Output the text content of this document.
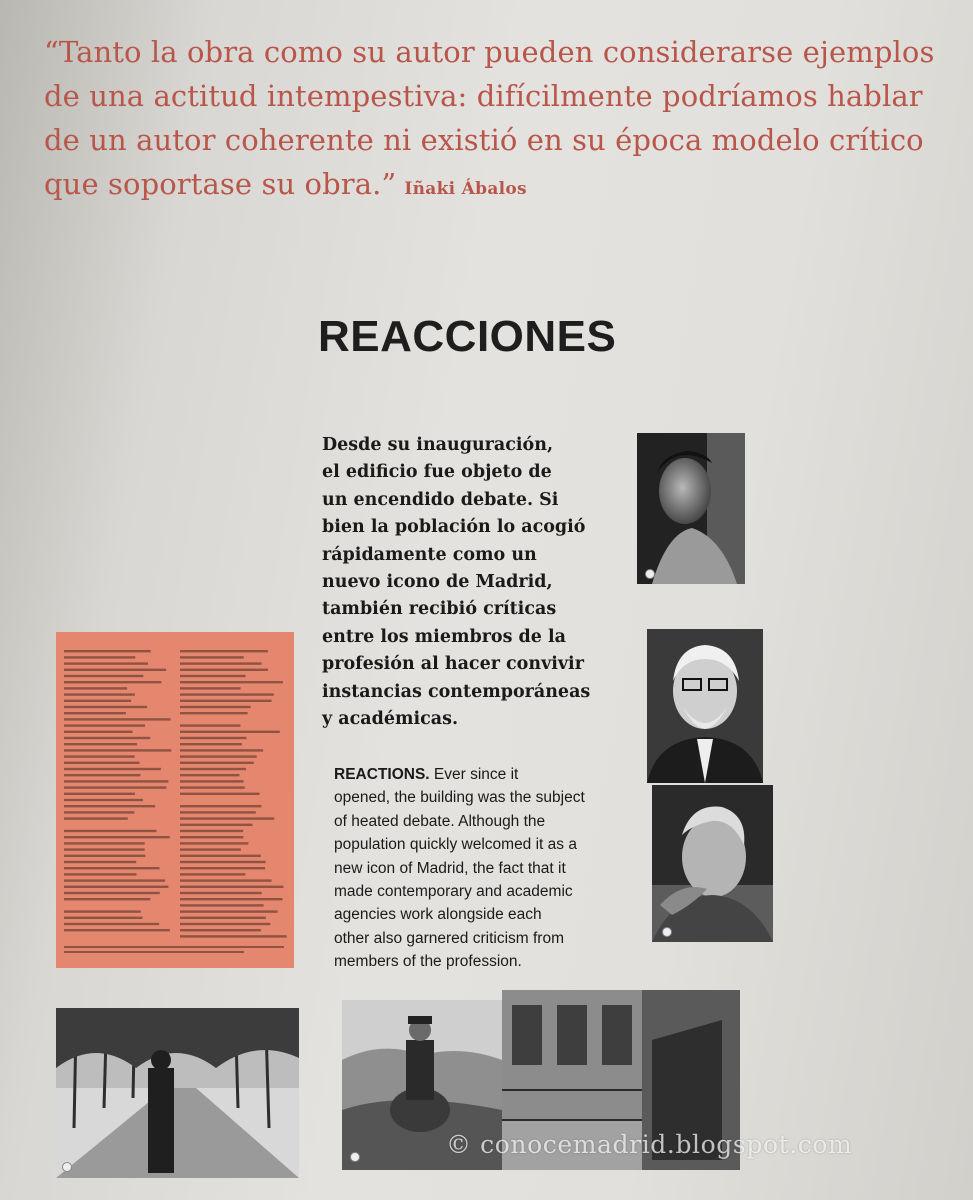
“Tanto la obra como su autor pueden considerarse ejemplos
de una actitud intempestiva: difícilmente podríamos hablar
de un autor coherente ni existió en su época modelo crítico
que soportase su obra.” Iñaki Ábalos
REACCIONES
Desde su inauguración,
el edificio fue objeto de
un encendido debate. Si
bien la población lo acogió
rápidamente como un
nuevo icono de Madrid,
también recibió críticas
entre los miembros de la
profesión al hacer convivir
instancias contemporáneas
y académicas.
REACTIONS. Ever since it
opened, the building was the subject
of heated debate. Although the
population quickly welcomed it as a
new icon of Madrid, the fact that it
made contemporary and academic
agencies work alongside each
other also garnered criticism from
members of the profession.
© conocemadrid.blogspot.com
